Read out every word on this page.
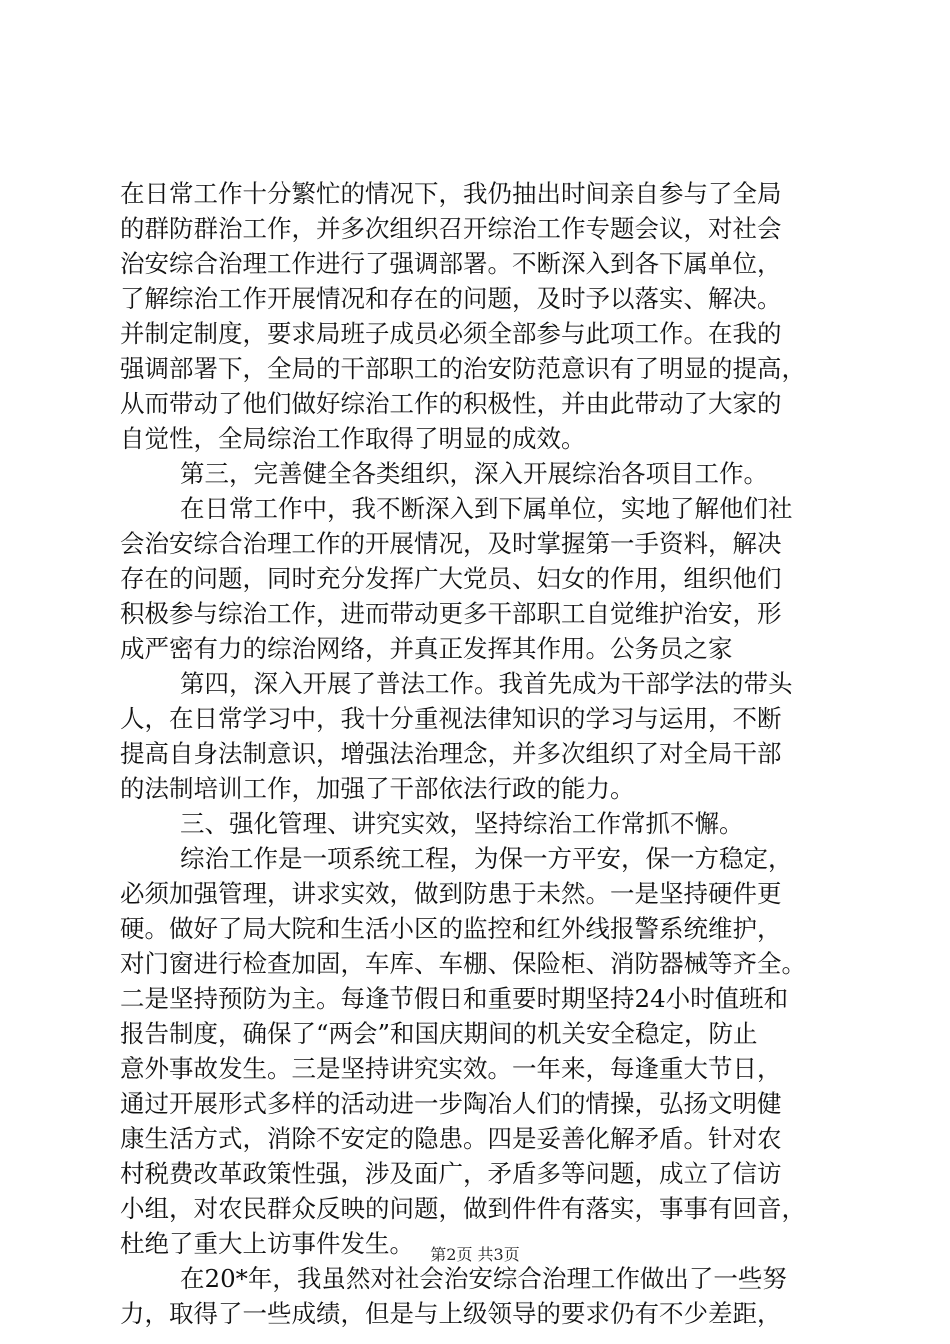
在日常工作十分繁忙的情况下，我仍抽出时间亲自参与了全局
的群防群治工作，并多次组织召开综治工作专题会议，对社会
治安综合治理工作进行了强调部署。不断深入到各下属单位，
了解综治工作开展情况和存在的问题，及时予以落实、解决。
并制定制度，要求局班子成员必须全部参与此项工作。在我的
强调部署下，全局的干部职工的治安防范意识有了明显的提高，
从而带动了他们做好综治工作的积极性，并由此带动了大家的
自觉性，全局综治工作取得了明显的成效。
第三，完善健全各类组织，深入开展综治各项目工作。
在日常工作中，我不断深入到下属单位，实地了解他们社
会治安综合治理工作的开展情况，及时掌握第一手资料，解决
存在的问题，同时充分发挥广大党员、妇女的作用，组织他们
积极参与综治工作，进而带动更多干部职工自觉维护治安，形
成严密有力的综治网络，并真正发挥其作用。公务员之家
第四，深入开展了普法工作。我首先成为干部学法的带头
人，在日常学习中，我十分重视法律知识的学习与运用，不断
提高自身法制意识，增强法治理念，并多次组织了对全局干部
的法制培训工作，加强了干部依法行政的能力。
三、强化管理、讲究实效，坚持综治工作常抓不懈。
综治工作是一项系统工程，为保一方平安，保一方稳定，
必须加强管理，讲求实效，做到防患于未然。一是坚持硬件更
硬。做好了局大院和生活小区的监控和红外线报警系统维护，
对门窗进行检查加固，车库、车棚、保险柜、消防器械等齐全。
二是坚持预防为主。每逢节假日和重要时期坚持24小时值班和
报告制度，确保了“两会”和国庆期间的机关安全稳定，防止
意外事故发生。三是坚持讲究实效。一年来，每逢重大节日，
通过开展形式多样的活动进一步陶冶人们的情操，弘扬文明健
康生活方式，消除不安定的隐患。四是妥善化解矛盾。针对农
村税费改革政策性强，涉及面广，矛盾多等问题，成立了信访
小组，对农民群众反映的问题，做到件件有落实，事事有回音，
杜绝了重大上访事件发生。
在20*年，我虽然对社会治安综合治理工作做出了一些努
力，取得了一些成绩，但是与上级领导的要求仍有不少差距，
第2页 共3页
